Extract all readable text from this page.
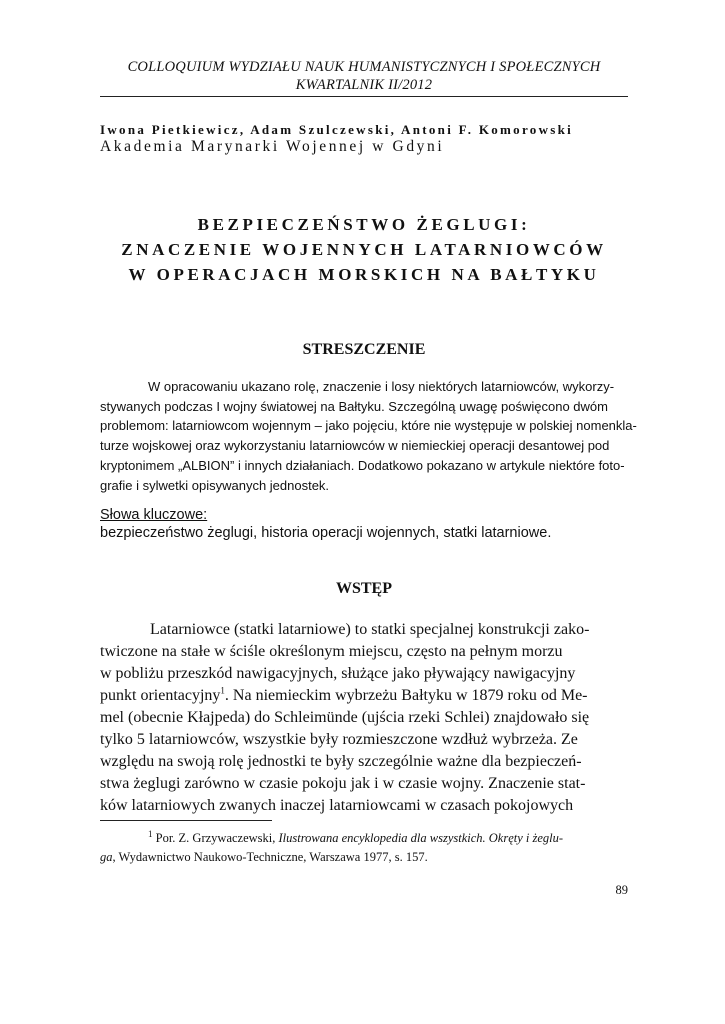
COLLOQUIUM WYDZIAŁU NAUK HUMANISTYCZNYCH I SPOŁECZNYCH
KWARTALNIK II/2012
Iwona Pietkiewicz, Adam Szulczewski, Antoni F. Komorowski
Akademia Marynarki Wojennej w Gdyni
BEZPIECZEŃSTWO ŻEGLUGI:
ZNACZENIE WOJENNYCH LATARNIOWCÓW
W OPERACJACH MORSKICH NA BAŁTYKU
STRESZCZENIE
W opracowaniu ukazano rolę, znaczenie i losy niektórych latarniowców, wykorzy-
stywanych podczas I wojny światowej na Bałtyku. Szczególną uwagę poświęcono dwóm
problemom: latarniowcom wojennym – jako pojęciu, które nie występuje w polskiej nomenkla-
turze wojskowej oraz wykorzystaniu latarniowców w niemieckiej operacji desantowej pod
kryptonimem „ALBION” i innych działaniach. Dodatkowo pokazano w artykule niektóre foto-
grafie i sylwetki opisywanych jednostek.
Słowa kluczowe:
bezpieczeństwo żeglugi, historia operacji wojennych, statki latarniowe.
WSTĘP
Latarniowce (statki latarniowe) to statki specjalnej konstrukcji zako-
twiczone na stałe w ściśle określonym miejscu, często na pełnym morzu
w pobliżu przeszkód nawigacyjnych, służące jako pływający nawigacyjny
punkt orientacyjny$^1$. Na niemieckim wybrzeżu Bałtyku w 1879 roku od Me-
mel (obecnie Kłajpeda) do Schleimünde (ujścia rzeki Schlei) znajdowało się
tylko 5 latarniowców, wszystkie były rozmieszczone wzdłuż wybrzeża. Ze
względu na swoją rolę jednostki te były szczególnie ważne dla bezpieczeń-
stwa żeglugi zarówno w czasie pokoju jak i w czasie wojny. Znaczenie stat-
ków latarniowych zwanych inaczej latarniowcami w czasach pokojowych
$^1$ Por. Z. Grzywaczewski, Ilustrowana encyklopedia dla wszystkich. Okręty i żeglu-
ga, Wydawnictwo Naukowo-Techniczne, Warszawa 1977, s. 157.
89
